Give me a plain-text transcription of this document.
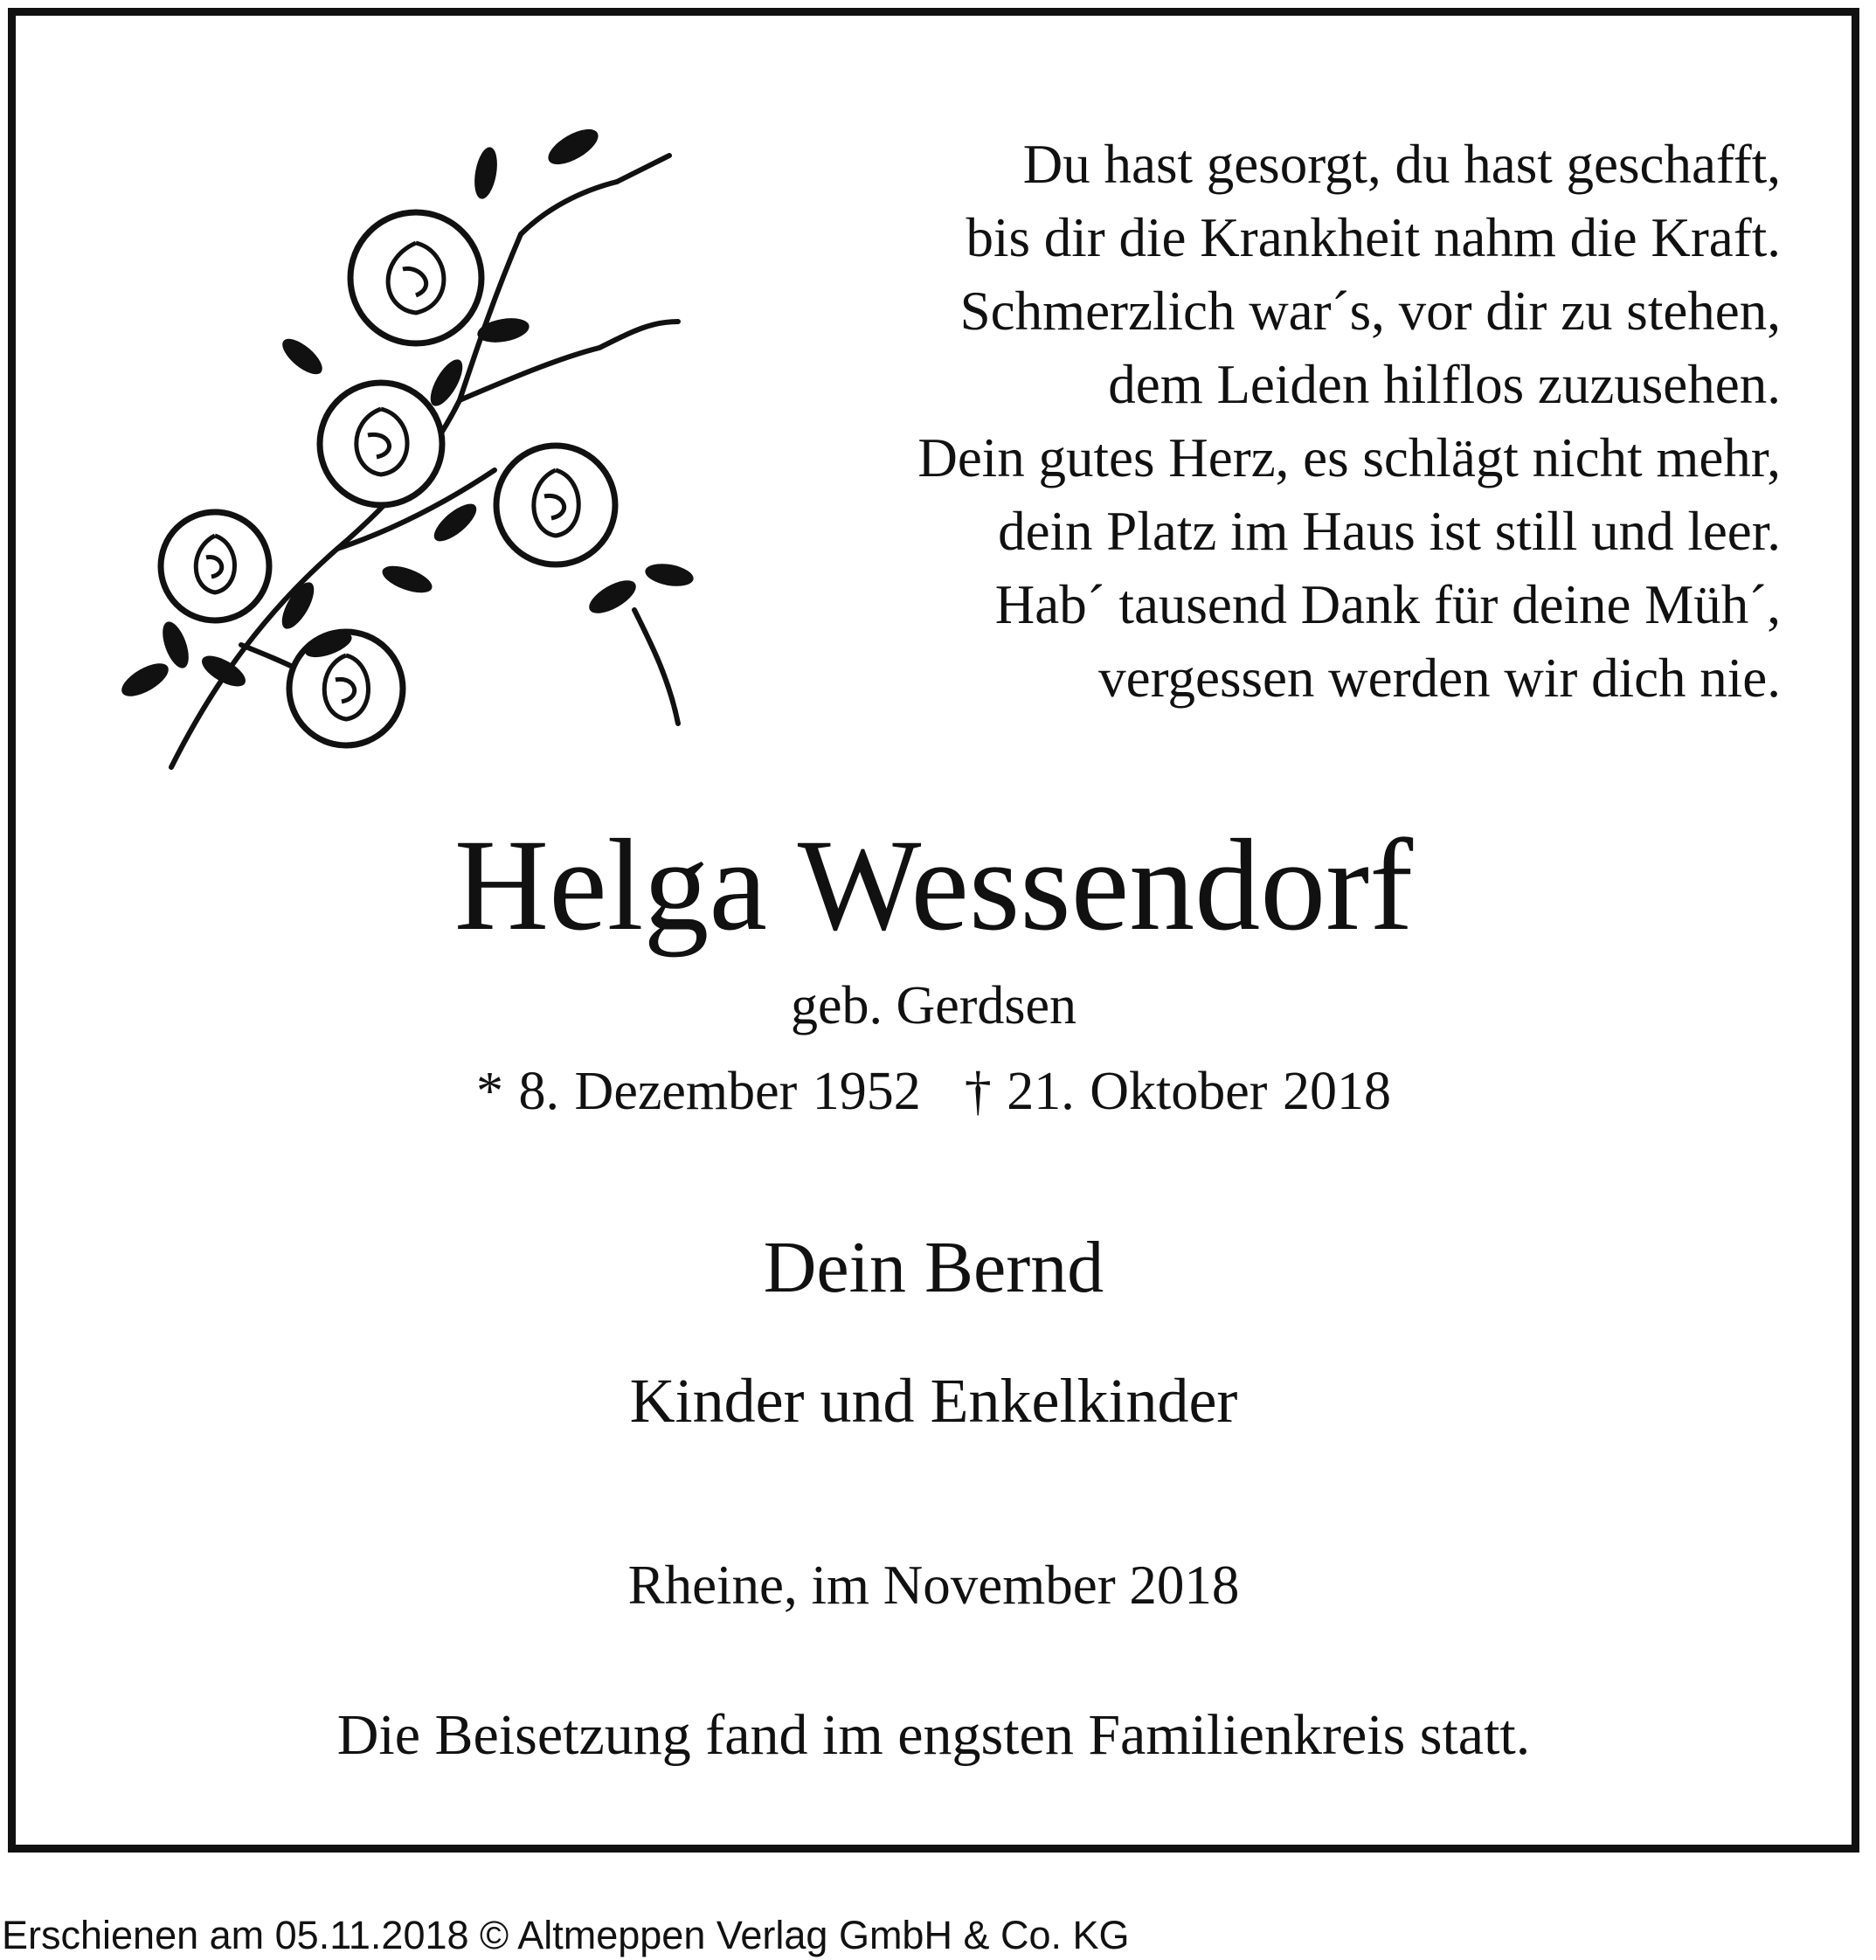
Du hast gesorgt, du hast geschafft,
bis dir die Krankheit nahm die Kraft.
Schmerzlich war´s, vor dir zu stehen,
dem Leiden hilflos zuzusehen.
Dein gutes Herz, es schlägt nicht mehr,
dein Platz im Haus ist still und leer.
Hab´ tausend Dank für deine Müh´,
vergessen werden wir dich nie.
Helga Wessendorf
geb. Gerdsen
* 8. Dezember 1952 † 21. Oktober 2018
Dein Bernd
Kinder und Enkelkinder
Rheine, im November 2018
Die Beisetzung fand im engsten Familienkreis statt.
Erschienen am 05.11.2018 © Altmeppen Verlag GmbH & Co. KG
